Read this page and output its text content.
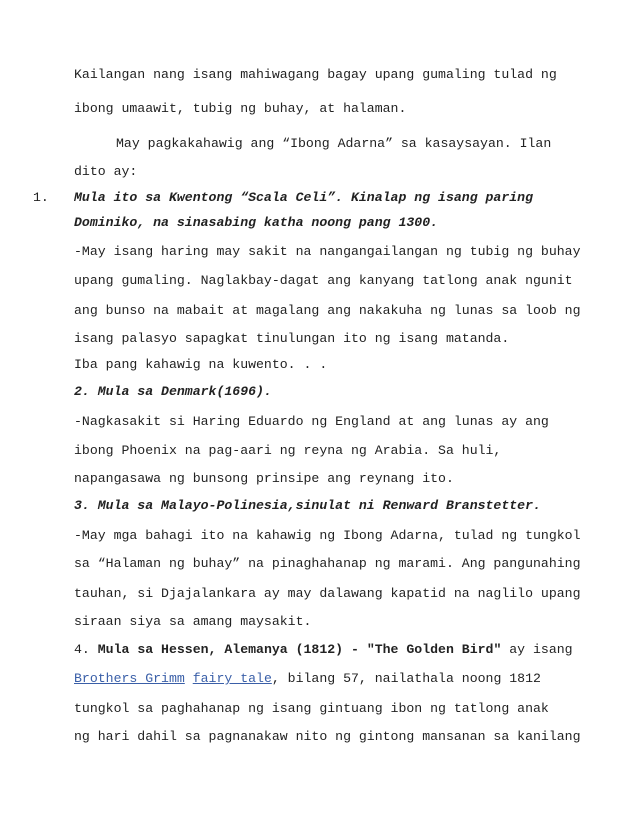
Kailangan nang isang mahiwagang bagay upang gumaling tulad ng
ibong umaawit, tubig ng buhay, at halaman.
May pagkakahawig ang “Ibong Adarna” sa kasaysayan. Ilan
dito ay:
1. Mula ito sa Kwentong “Scala Celi”. Kinalap ng isang paring
Dominiko, na sinasabing katha noong pang 1300.
-May isang haring may sakit na nangangailangan ng tubig ng buhay
upang gumaling. Naglakbay-dagat ang kanyang tatlong anak ngunit
ang bunso na mabait at magalang ang nakakuha ng lunas sa loob ng
isang palasyo sapagkat tinulungan ito ng isang matanda.
Iba pang kahawig na kuwento. . .
2. Mula sa Denmark(1696).
-Nagkasakit si Haring Eduardo ng England at ang lunas ay ang
ibong Phoenix na pag-aari ng reyna ng Arabia. Sa huli,
napangasawa ng bunsong prinsipe ang reynang ito.
3. Mula sa Malayo-Polinesia,sinulat ni Renward Branstetter.
-May mga bahagi ito na kahawig ng Ibong Adarna, tulad ng tungkol
sa “Halaman ng buhay” na pinaghahanap ng marami. Ang pangunahing
tauhan, si Djajalankara ay may dalawang kapatid na naglilo upang
siraan siya sa amang maysakit.
4. Mula sa Hessen, Alemanya (1812) - "The Golden Bird" ay isang
Brothers Grimm fairy tale, bilang 57, nailathala noong 1812
tungkol sa paghahanap ng isang gintuang ibon ng tatlong anak
ng hari dahil sa pagnanakaw nito ng gintong mansanan sa kanilang
